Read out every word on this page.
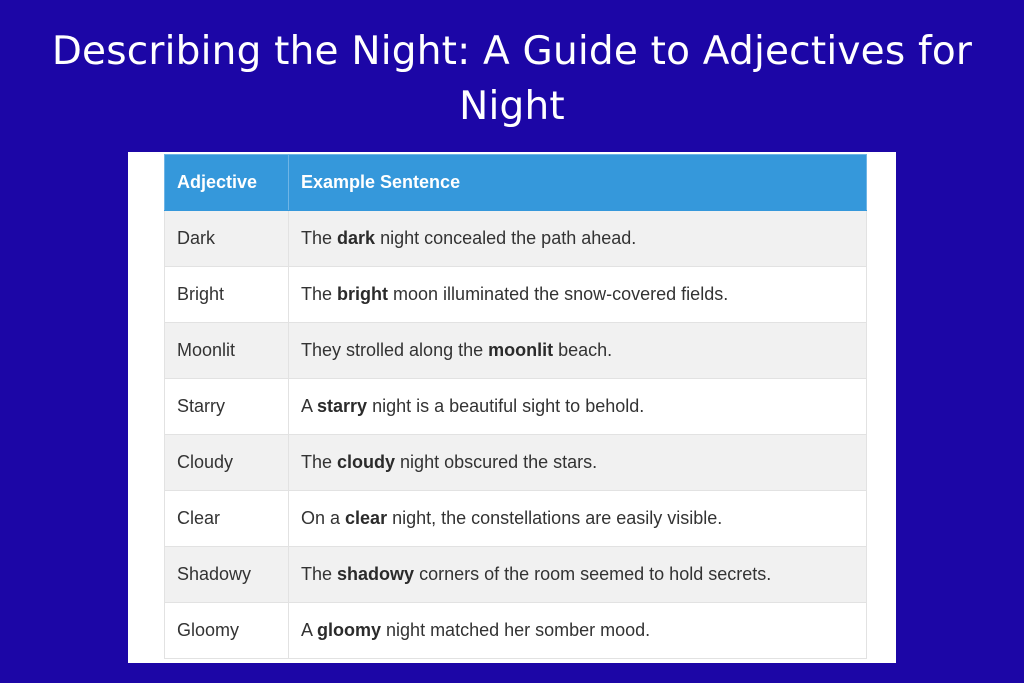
Describing the Night: A Guide to Adjectives for Night
Adjective	Example Sentence
Dark	The dark night concealed the path ahead.
Bright	The bright moon illuminated the snow-covered fields.
Moonlit	They strolled along the moonlit beach.
Starry	A starry night is a beautiful sight to behold.
Cloudy	The cloudy night obscured the stars.
Clear	On a clear night, the constellations are easily visible.
Shadowy	The shadowy corners of the room seemed to hold secrets.
Gloomy	A gloomy night matched her somber mood.
